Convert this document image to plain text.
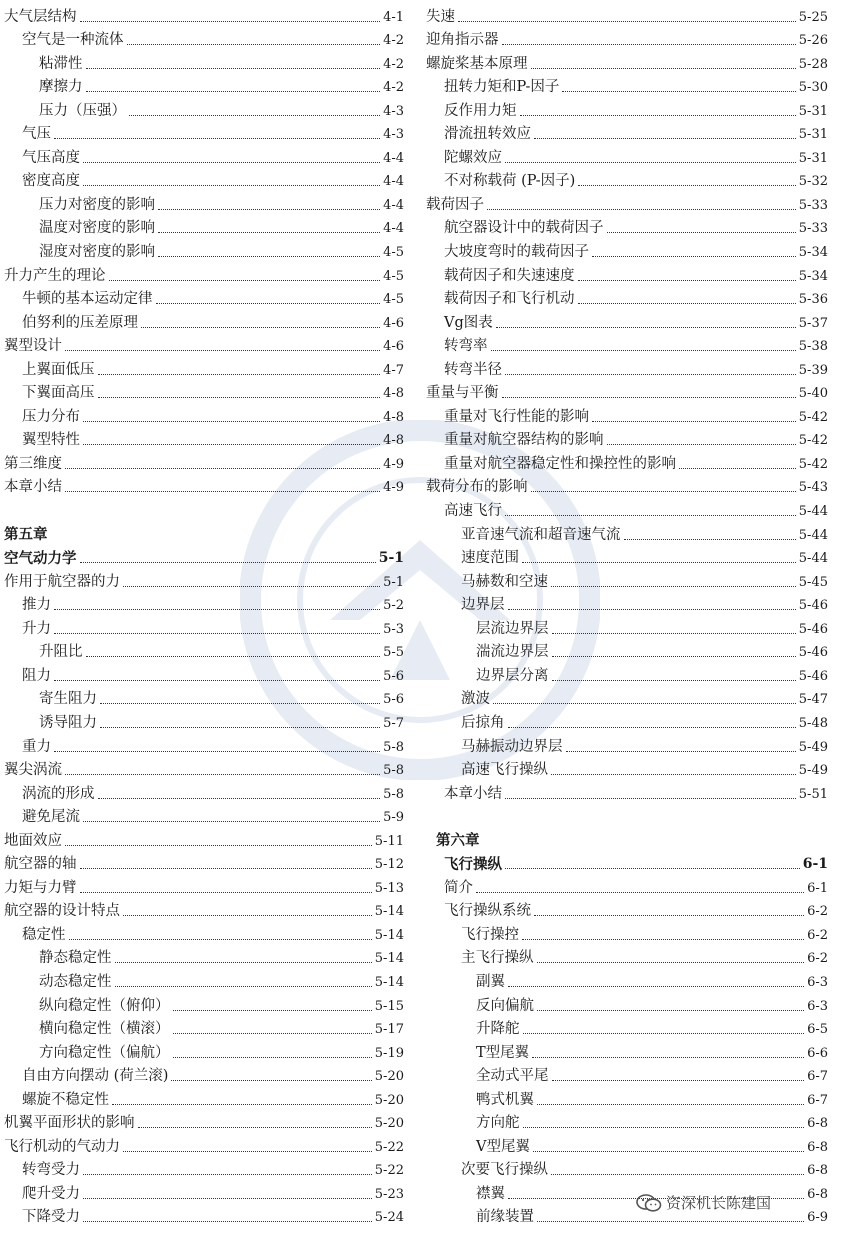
大气层结构	4-1
空气是一种流体	4-2
粘滞性	4-2
摩擦力	4-2
压力（压强）	4-3
气压	4-3
气压高度	4-4
密度高度	4-4
压力对密度的影响	4-4
温度对密度的影响	4-4
湿度对密度的影响	4-5
升力产生的理论	4-5
牛顿的基本运动定律	4-5
伯努利的压差原理	4-6
翼型设计	4-6
上翼面低压	4-7
下翼面高压	4-8
压力分布	4-8
翼型特性	4-8
第三维度	4-9
本章小结	4-9
第五章
空气动力学	5-1
作用于航空器的力	5-1
推力	5-2
升力	5-3
升阻比	5-5
阻力	5-6
寄生阻力	5-6
诱导阻力	5-7
重力	5-8
翼尖涡流	5-8
涡流的形成	5-8
避免尾流	5-9
地面效应	5-11
航空器的轴	5-12
力矩与力臂	5-13
航空器的设计特点	5-14
稳定性	5-14
静态稳定性	5-14
动态稳定性	5-14
纵向稳定性（俯仰）	5-15
横向稳定性（横滚）	5-17
方向稳定性（偏航）	5-19
自由方向摆动 (荷兰滚)	5-20
螺旋不稳定性	5-20
机翼平面形状的影响	5-20
飞行机动的气动力	5-22
转弯受力	5-22
爬升受力	5-23
下降受力	5-24
失速	5-25
迎角指示器	5-26
螺旋桨基本原理	5-28
扭转力矩和P-因子	5-30
反作用力矩	5-31
滑流扭转效应	5-31
陀螺效应	5-31
不对称载荷 (P-因子)	5-32
载荷因子	5-33
航空器设计中的载荷因子	5-33
大坡度弯时的载荷因子	5-34
载荷因子和失速速度	5-34
载荷因子和飞行机动	5-36
Vg图表	5-37
转弯率	5-38
转弯半径	5-39
重量与平衡	5-40
重量对飞行性能的影响	5-42
重量对航空器结构的影响	5-42
重量对航空器稳定性和操控性的影响	5-42
载荷分布的影响	5-43
高速飞行	5-44
亚音速气流和超音速气流	5-44
速度范围	5-44
马赫数和空速	5-45
边界层	5-46
层流边界层	5-46
湍流边界层	5-46
边界层分离	5-46
激波	5-47
后掠角	5-48
马赫振动边界层	5-49
高速飞行操纵	5-49
本章小结	5-51
第六章
飞行操纵	6-1
简介	6-1
飞行操纵系统	6-2
飞行操控	6-2
主飞行操纵	6-2
副翼	6-3
反向偏航	6-3
升降舵	6-5
T型尾翼	6-6
全动式平尾	6-7
鸭式机翼	6-7
方向舵	6-8
V型尾翼	6-8
次要飞行操纵	6-8
襟翼	6-8
前缘装置	6-9
资深机长陈建国
